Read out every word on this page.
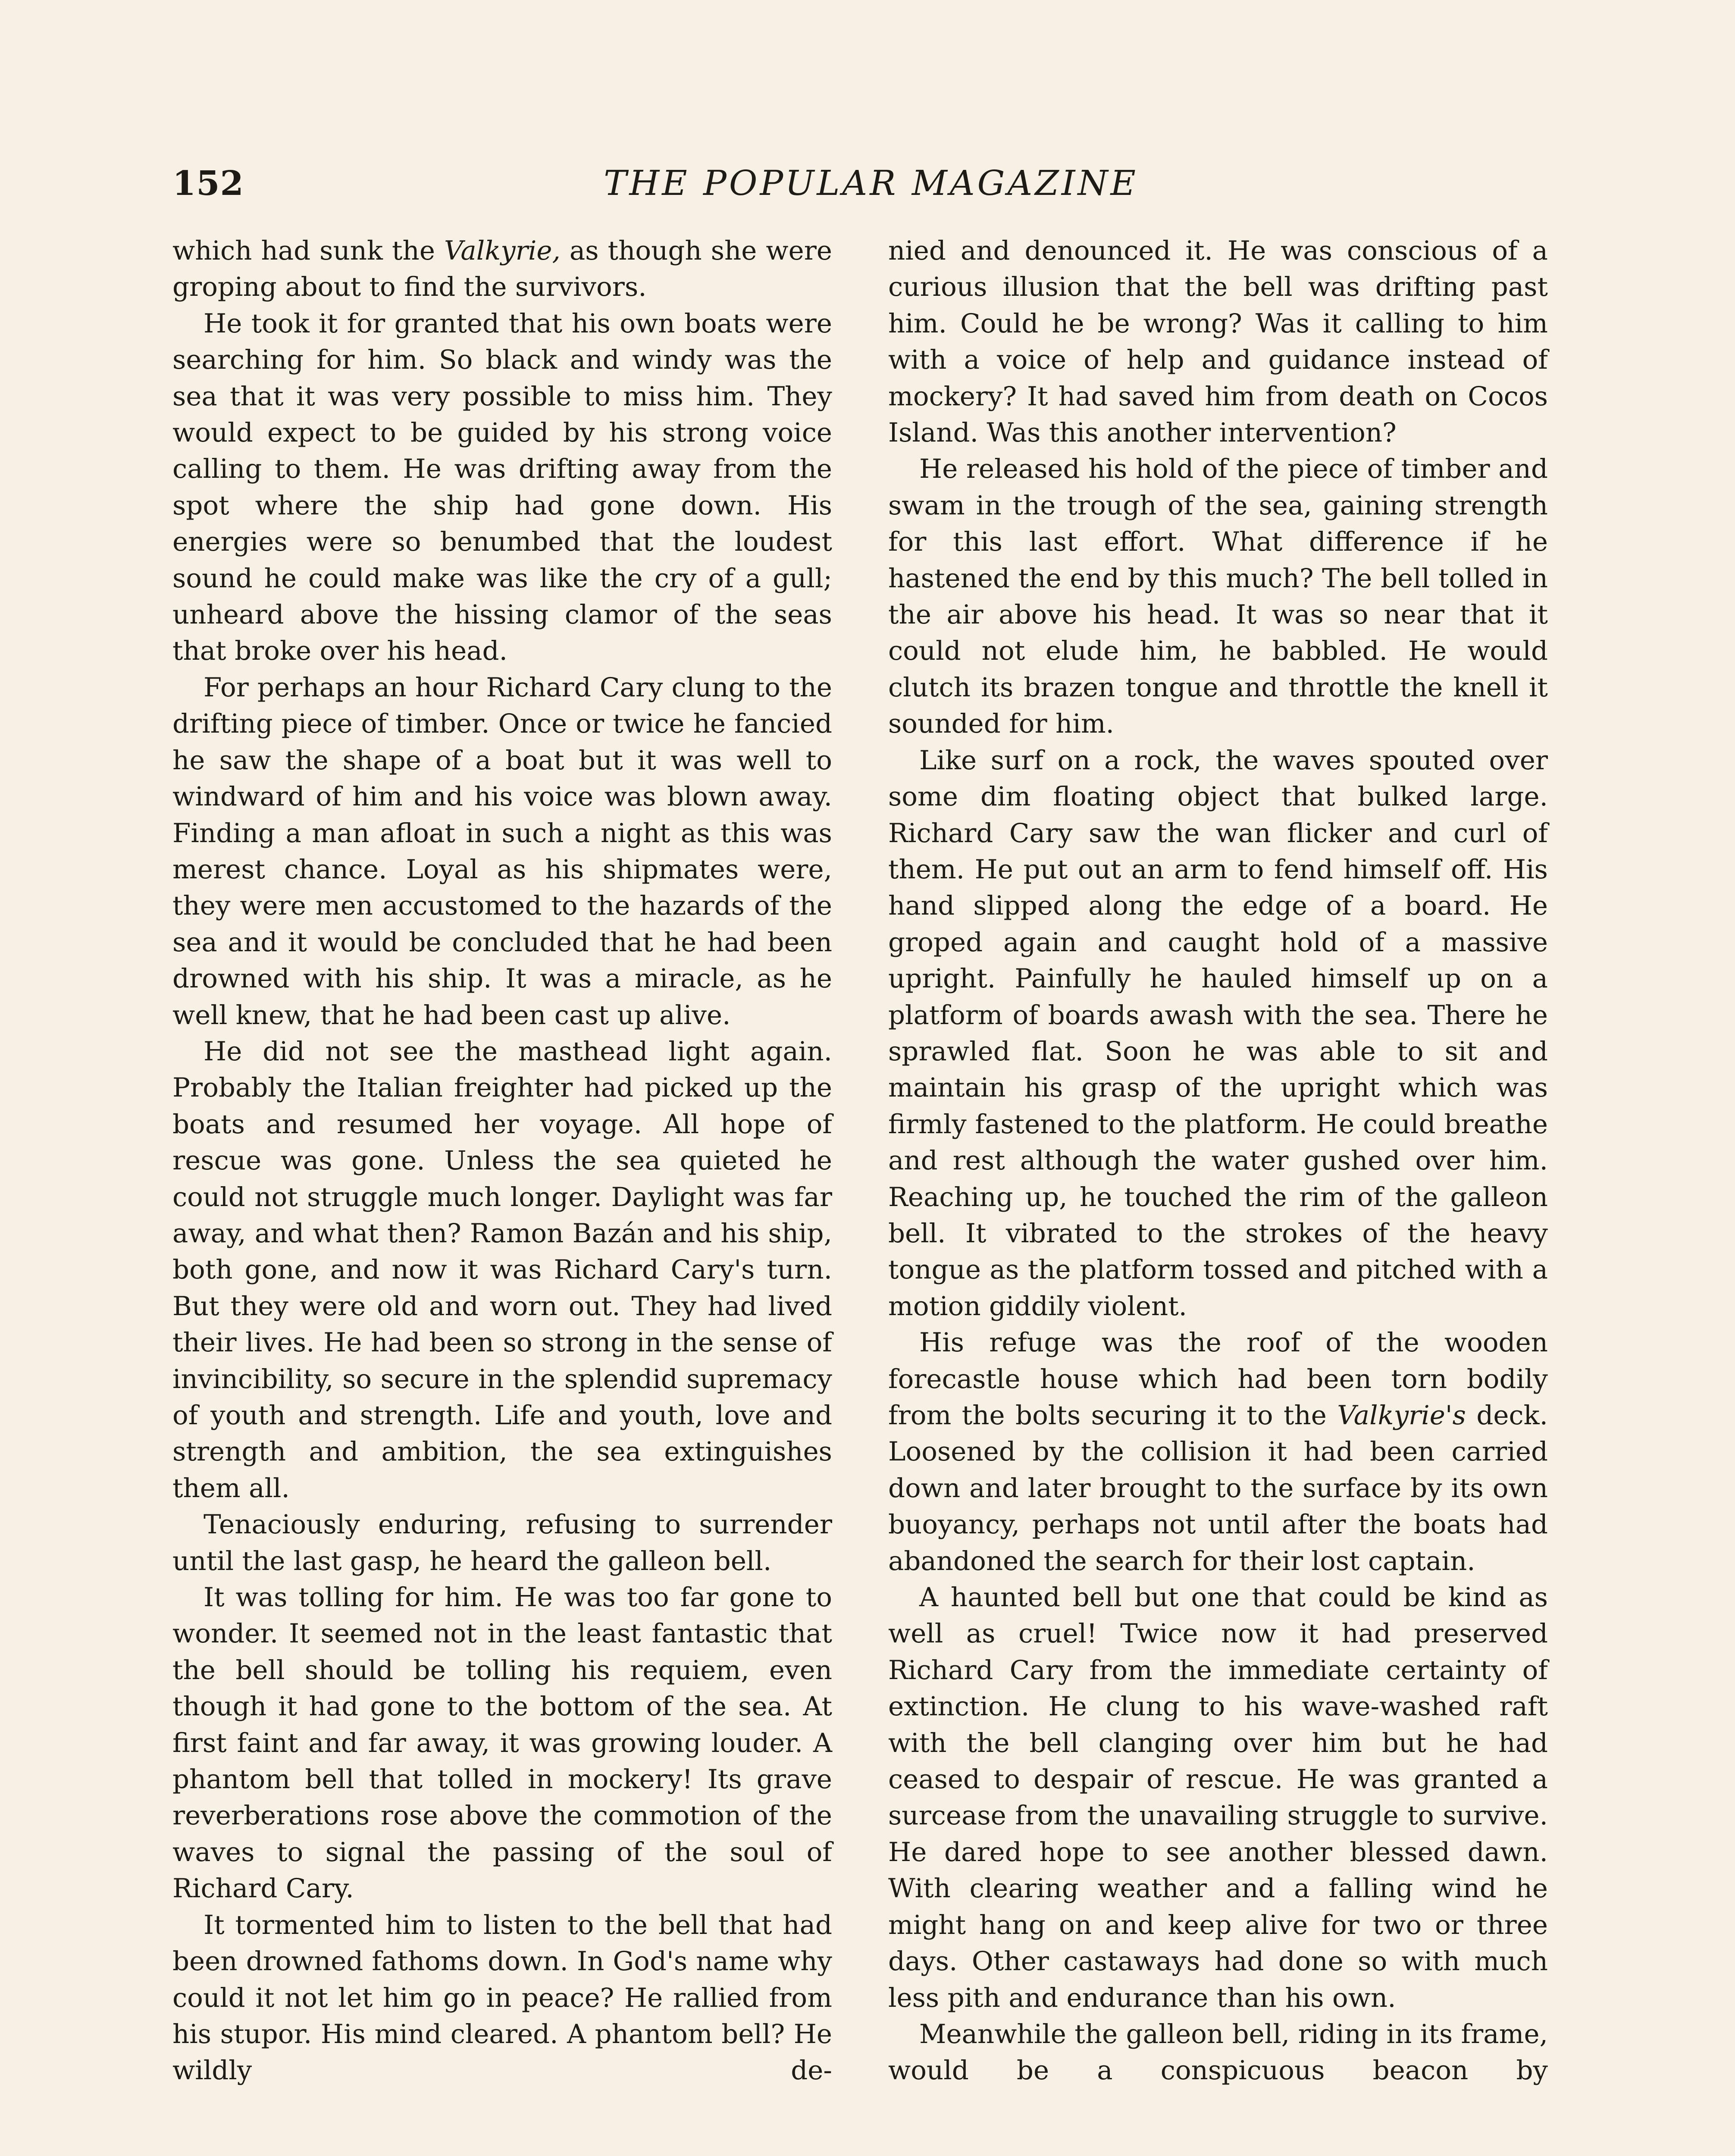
152	THE POPULAR MAGAZINE

which had sunk the Valkyrie, as though she were groping about to find the survivors.

He took it for granted that his own boats were searching for him. So black and windy was the sea that it was very possible to miss him. They would expect to be guided by his strong voice calling to them. He was drifting away from the spot where the ship had gone down. His energies were so benumbed that the loudest sound he could make was like the cry of a gull; unheard above the hissing clamor of the seas that broke over his head.

For perhaps an hour Richard Cary clung to the drifting piece of timber. Once or twice he fancied he saw the shape of a boat but it was well to windward of him and his voice was blown away. Finding a man afloat in such a night as this was merest chance. Loyal as his shipmates were, they were men accustomed to the hazards of the sea and it would be concluded that he had been drowned with his ship. It was a miracle, as he well knew, that he had been cast up alive.

He did not see the masthead light again. Probably the Italian freighter had picked up the boats and resumed her voyage. All hope of rescue was gone. Unless the sea quieted he could not struggle much longer. Daylight was far away, and what then? Ramon Bazán and his ship, both gone, and now it was Richard Cary's turn. But they were old and worn out. They had lived their lives. He had been so strong in the sense of invincibility, so secure in the splendid supremacy of youth and strength. Life and youth, love and strength and ambition, the sea extinguishes them all.

Tenaciously enduring, refusing to surrender until the last gasp, he heard the galleon bell.

It was tolling for him. He was too far gone to wonder. It seemed not in the least fantastic that the bell should be tolling his requiem, even though it had gone to the bottom of the sea. At first faint and far away, it was growing louder. A phantom bell that tolled in mockery! Its grave reverberations rose above the commotion of the waves to signal the passing of the soul of Richard Cary.

It tormented him to listen to the bell that had been drowned fathoms down. In God's name why could it not let him go in peace? He rallied from his stupor. His mind cleared. A phantom bell? He wildly de-

nied and denounced it. He was conscious of a curious illusion that the bell was drifting past him. Could he be wrong? Was it calling to him with a voice of help and guidance instead of mockery? It had saved him from death on Cocos Island. Was this another intervention?

He released his hold of the piece of timber and swam in the trough of the sea, gaining strength for this last effort. What difference if he hastened the end by this much? The bell tolled in the air above his head. It was so near that it could not elude him, he babbled. He would clutch its brazen tongue and throttle the knell it sounded for him.

Like surf on a rock, the waves spouted over some dim floating object that bulked large. Richard Cary saw the wan flicker and curl of them. He put out an arm to fend himself off. His hand slipped along the edge of a board. He groped again and caught hold of a massive upright. Painfully he hauled himself up on a platform of boards awash with the sea. There he sprawled flat. Soon he was able to sit and maintain his grasp of the upright which was firmly fastened to the platform. He could breathe and rest although the water gushed over him. Reaching up, he touched the rim of the galleon bell. It vibrated to the strokes of the heavy tongue as the platform tossed and pitched with a motion giddily violent.

His refuge was the roof of the wooden forecastle house which had been torn bodily from the bolts securing it to the Valkyrie's deck. Loosened by the collision it had been carried down and later brought to the surface by its own buoyancy, perhaps not until after the boats had abandoned the search for their lost captain.

A haunted bell but one that could be kind as well as cruel! Twice now it had preserved Richard Cary from the immediate certainty of extinction. He clung to his wave-washed raft with the bell clanging over him but he had ceased to despair of rescue. He was granted a surcease from the unavailing struggle to survive. He dared hope to see another blessed dawn. With clearing weather and a falling wind he might hang on and keep alive for two or three days. Other castaways had done so with much less pith and endurance than his own.

Meanwhile the galleon bell, riding in its frame, would be a conspicuous beacon by
